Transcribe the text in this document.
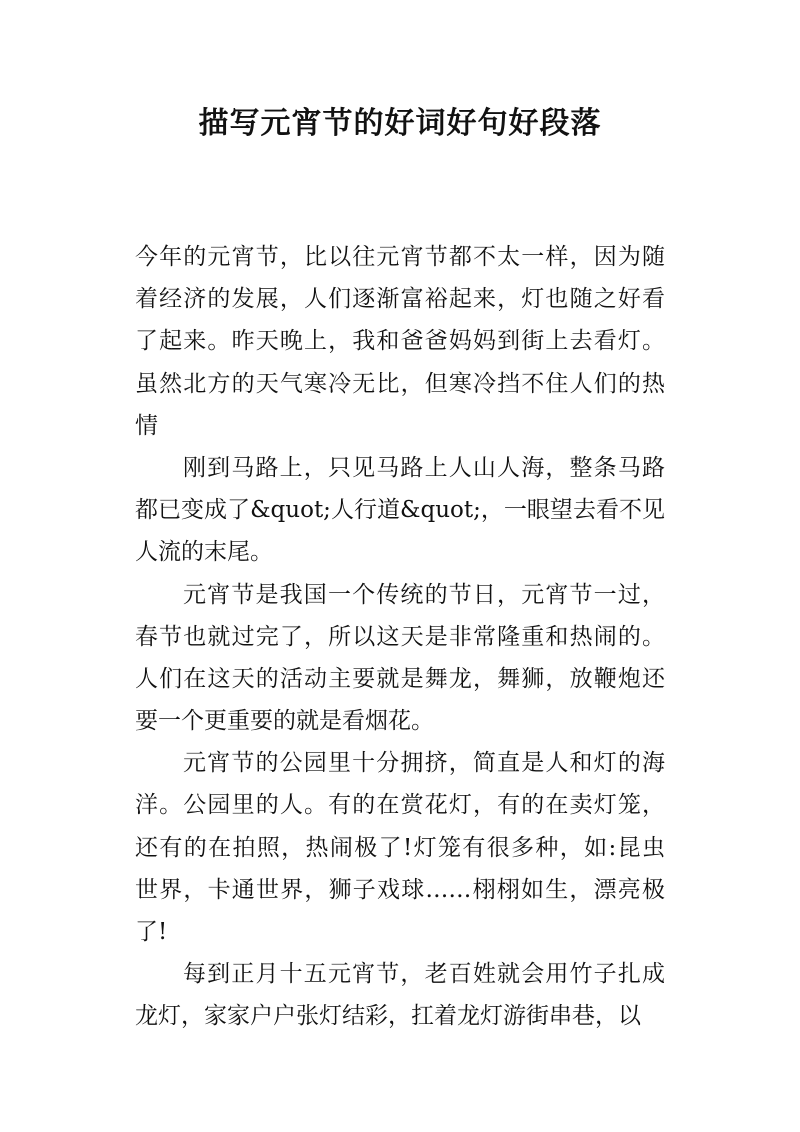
描写元宵节的好词好句好段落
今年的元宵节，比以往元宵节都不太一样，因为随
着经济的发展，人们逐渐富裕起来，灯也随之好看
了起来。昨天晚上，我和爸爸妈妈到街上去看灯。
虽然北方的天气寒冷无比，但寒冷挡不住人们的热
情
刚到马路上，只见马路上人山人海，整条马路
都已变成了&quot;人行道&quot;，一眼望去看不见
人流的末尾。
元宵节是我国一个传统的节日，元宵节一过，
春节也就过完了，所以这天是非常隆重和热闹的。
人们在这天的活动主要就是舞龙，舞狮，放鞭炮还
要一个更重要的就是看烟花。
元宵节的公园里十分拥挤，简直是人和灯的海
洋。公园里的人。有的在赏花灯，有的在卖灯笼，
还有的在拍照，热闹极了!灯笼有很多种，如:昆虫
世界，卡通世界，狮子戏球……栩栩如生，漂亮极
了!
每到正月十五元宵节，老百姓就会用竹子扎成
龙灯，家家户户张灯结彩，扛着龙灯游街串巷，以
